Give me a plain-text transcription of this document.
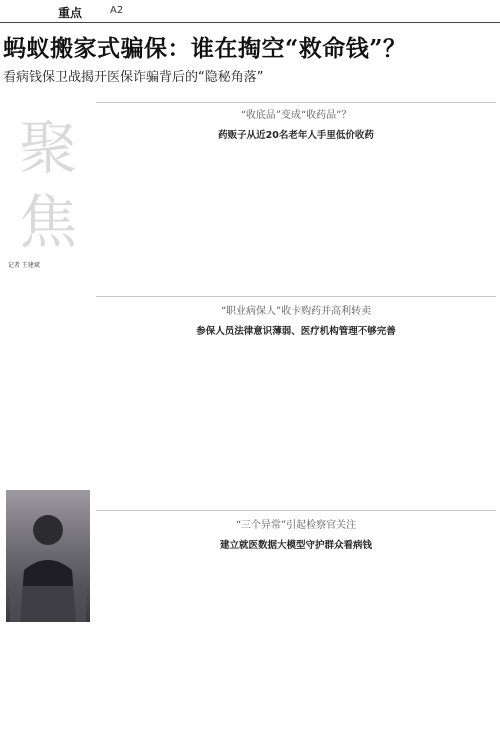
重点	A2
蚂蚁搬家式骗保：谁在掏空“救命钱”？
看病钱保卫战揭开医保诈骗背后的“隐秘角落”
聚
焦
记者 王建斌
“收底品”变成“收药品”？
药贩子从近20名老年人手里低价收药
“职业病保人”收卡购药并高利转卖
参保人员法律意识薄弱、医疗机构管理不够完善
“三个异常”引起检察官关注
建立就医数据大模型守护群众看病钱
